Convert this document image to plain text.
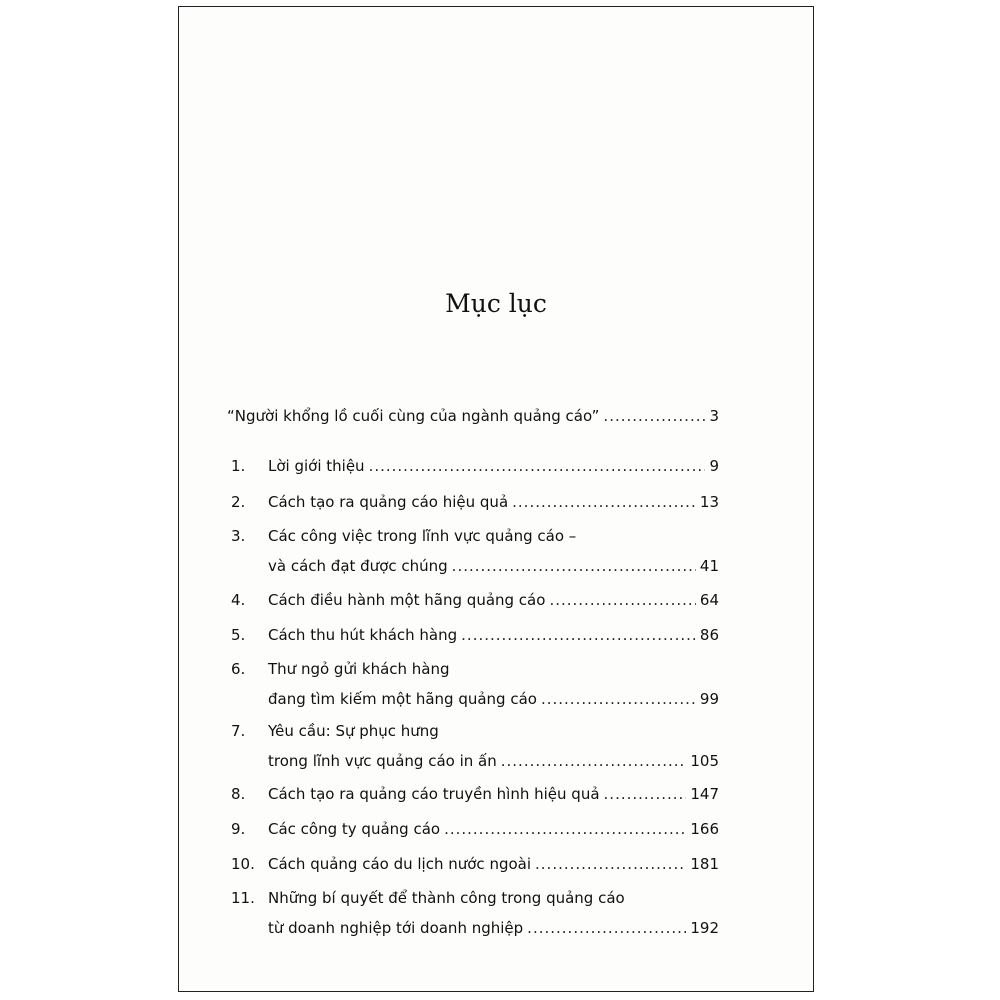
Mục lục
“Người khổng lồ cuối cùng của ngành quảng cáo” .....	3
1. Lời giới thiệu .....	9
2. Cách tạo ra quảng cáo hiệu quả .....	13
3. Các công việc trong lĩnh vực quảng cáo –
và cách đạt được chúng .....	41
4. Cách điều hành một hãng quảng cáo .....	64
5. Cách thu hút khách hàng .....	86
6. Thư ngỏ gửi khách hàng
đang tìm kiếm một hãng quảng cáo .....	99
7. Yêu cầu: Sự phục hưng
trong lĩnh vực quảng cáo in ấn .....	105
8. Cách tạo ra quảng cáo truyền hình hiệu quả .....	147
9. Các công ty quảng cáo .....	166
10. Cách quảng cáo du lịch nước ngoài .....	181
11. Những bí quyết để thành công trong quảng cáo
từ doanh nghiệp tới doanh nghiệp .....	192
